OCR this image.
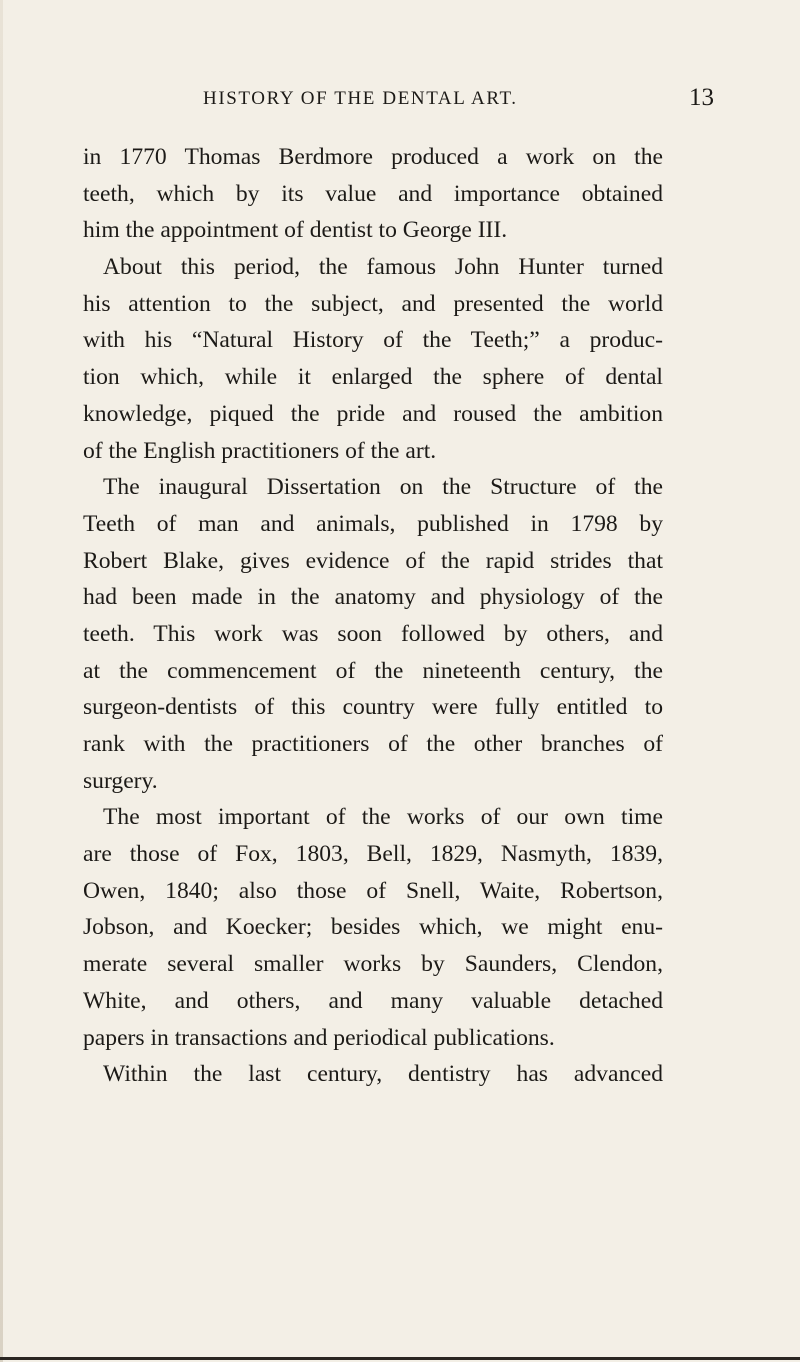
HISTORY OF THE DENTAL ART.	13
in 1770 Thomas Berdmore produced a work on the
teeth, which by its value and importance obtained
him the appointment of dentist to George III.
About this period, the famous John Hunter turned
his attention to the subject, and presented the world
with his “Natural History of the Teeth;” a produc-
tion which, while it enlarged the sphere of dental
knowledge, piqued the pride and roused the ambition
of the English practitioners of the art.
The inaugural Dissertation on the Structure of the
Teeth of man and animals, published in 1798 by
Robert Blake, gives evidence of the rapid strides that
had been made in the anatomy and physiology of the
teeth. This work was soon followed by others, and
at the commencement of the nineteenth century, the
surgeon-dentists of this country were fully entitled to
rank with the practitioners of the other branches of
surgery.
The most important of the works of our own time
are those of Fox, 1803, Bell, 1829, Nasmyth, 1839,
Owen, 1840; also those of Snell, Waite, Robertson,
Jobson, and Koecker; besides which, we might enu-
merate several smaller works by Saunders, Clendon,
White, and others, and many valuable detached
papers in transactions and periodical publications.
Within the last century, dentistry has advanced
